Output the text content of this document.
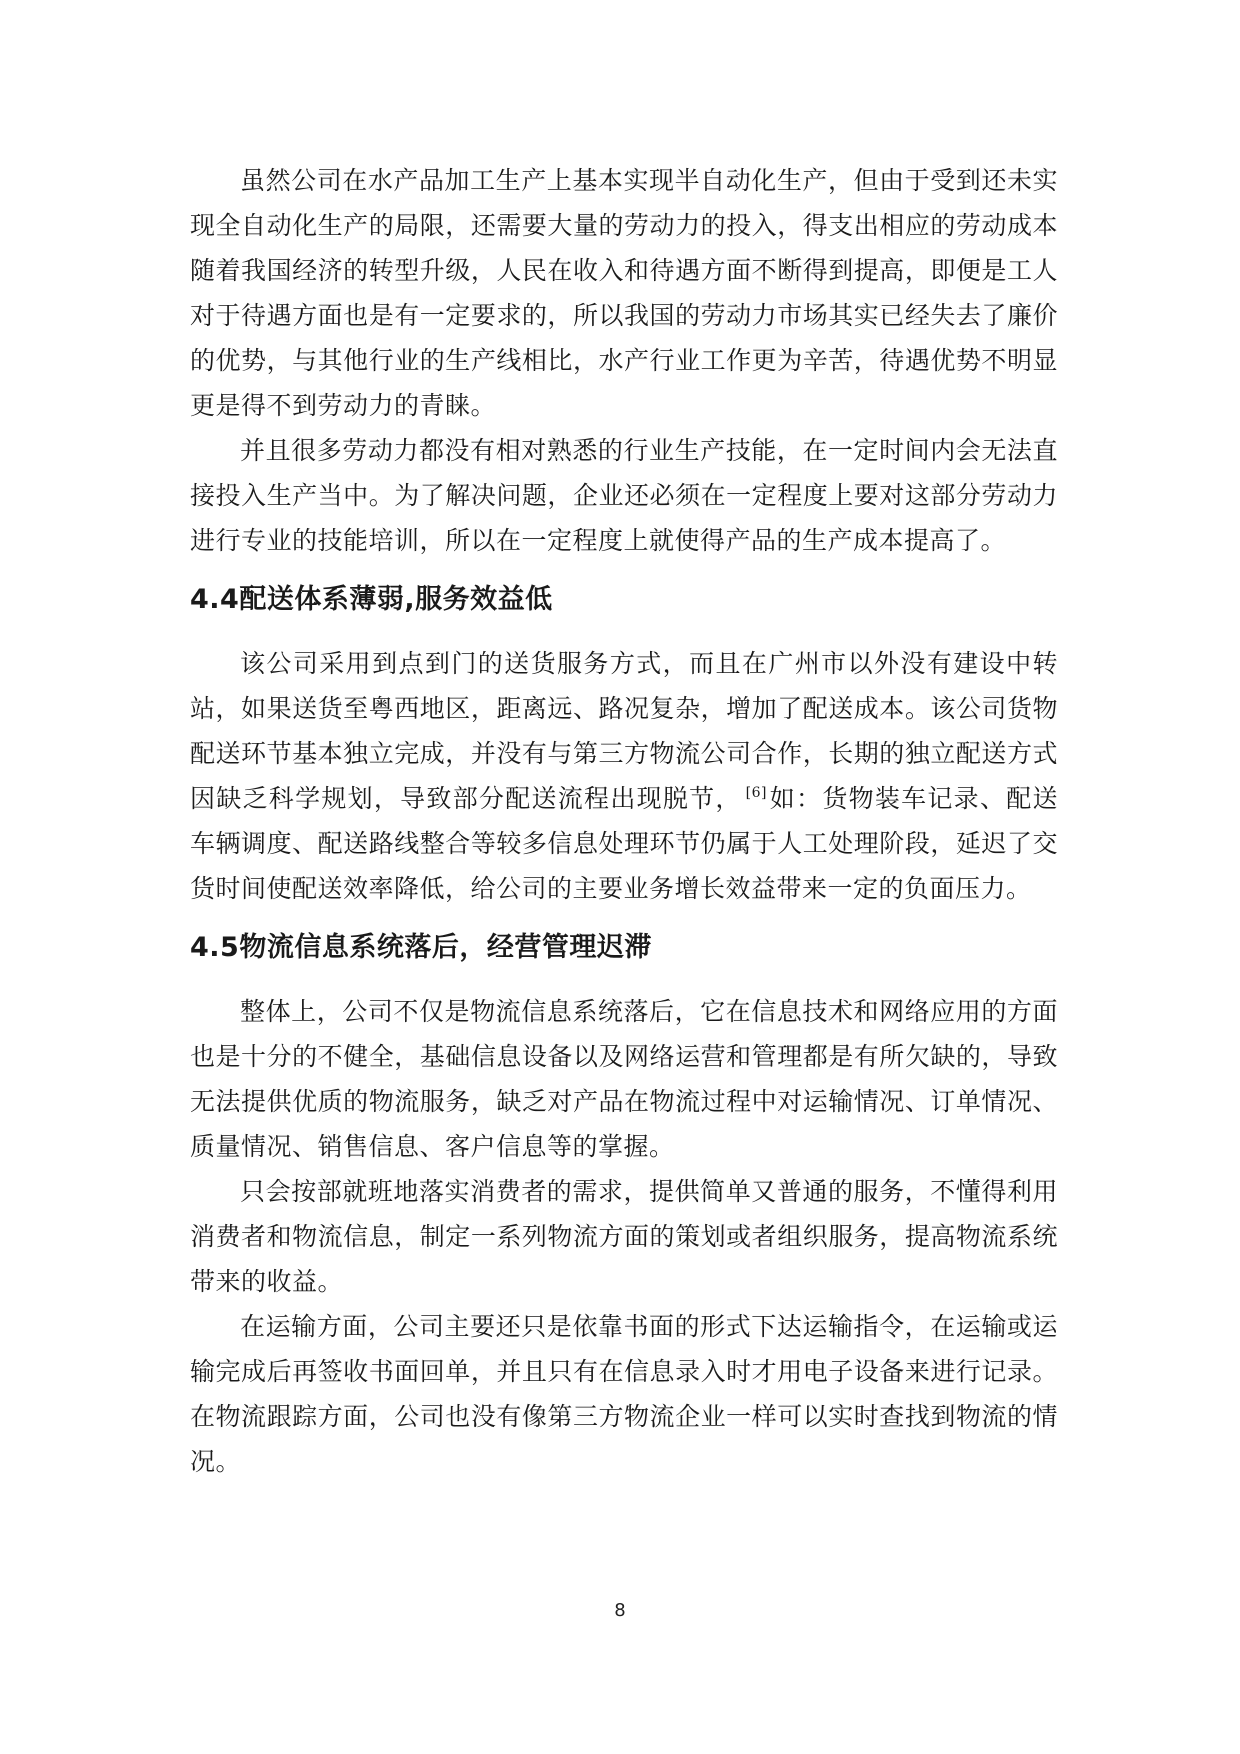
虽然公司在水产品加工生产上基本实现半自动化生产，但由于受到还未实现全自动化生产的局限，还需要大量的劳动力的投入，得支出相应的劳动成本随着我国经济的转型升级，人民在收入和待遇方面不断得到提高，即便是工人对于待遇方面也是有一定要求的，所以我国的劳动力市场其实已经失去了廉价的优势，与其他行业的生产线相比，水产行业工作更为辛苦，待遇优势不明显更是得不到劳动力的青睐。

并且很多劳动力都没有相对熟悉的行业生产技能，在一定时间内会无法直接投入生产当中。为了解决问题，企业还必须在一定程度上要对这部分劳动力进行专业的技能培训，所以在一定程度上就使得产品的生产成本提高了。

4.4配送体系薄弱,服务效益低

该公司采用到点到门的送货服务方式，而且在广州市以外没有建设中转站，如果送货至粤西地区，距离远、路况复杂，增加了配送成本。该公司货物配送环节基本独立完成，并没有与第三方物流公司合作，长期的独立配送方式因缺乏科学规划，导致部分配送流程出现脱节， [6]如：货物装车记录、配送车辆调度、配送路线整合等较多信息处理环节仍属于人工处理阶段，延迟了交货时间使配送效率降低，给公司的主要业务增长效益带来一定的负面压力。

4.5物流信息系统落后，经营管理迟滞

整体上，公司不仅是物流信息系统落后，它在信息技术和网络应用的方面也是十分的不健全，基础信息设备以及网络运营和管理都是有所欠缺的，导致无法提供优质的物流服务，缺乏对产品在物流过程中对运输情况、订单情况、质量情况、销售信息、客户信息等的掌握。

只会按部就班地落实消费者的需求，提供简单又普通的服务，不懂得利用消费者和物流信息，制定一系列物流方面的策划或者组织服务，提高物流系统带来的收益。

在运输方面，公司主要还只是依靠书面的形式下达运输指令，在运输或运输完成后再签收书面回单，并且只有在信息录入时才用电子设备来进行记录。在物流跟踪方面，公司也没有像第三方物流企业一样可以实时查找到物流的情况。

8
